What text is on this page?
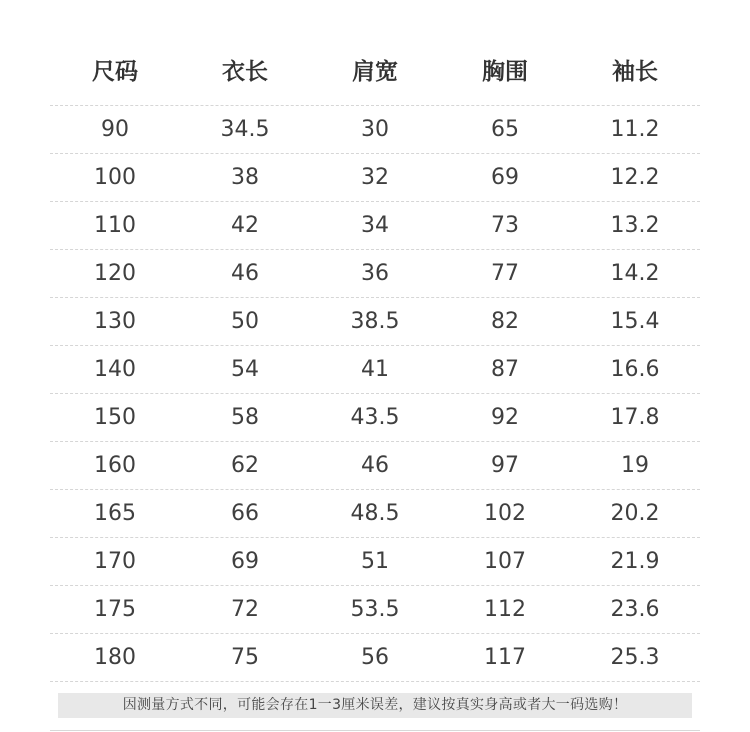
尺码	衣长	肩宽	胸围	袖长
90	34.5	30	65	11.2
100	38	32	69	12.2
110	42	34	73	13.2
120	46	36	77	14.2
130	50	38.5	82	15.4
140	54	41	87	16.6
150	58	43.5	92	17.8
160	62	46	97	19
165	66	48.5	102	20.2
170	69	51	107	21.9
175	72	53.5	112	23.6
180	75	56	117	25.3
因测量方式不同，可能会存在1一3厘米误差，建议按真实身高或者大一码选购！
